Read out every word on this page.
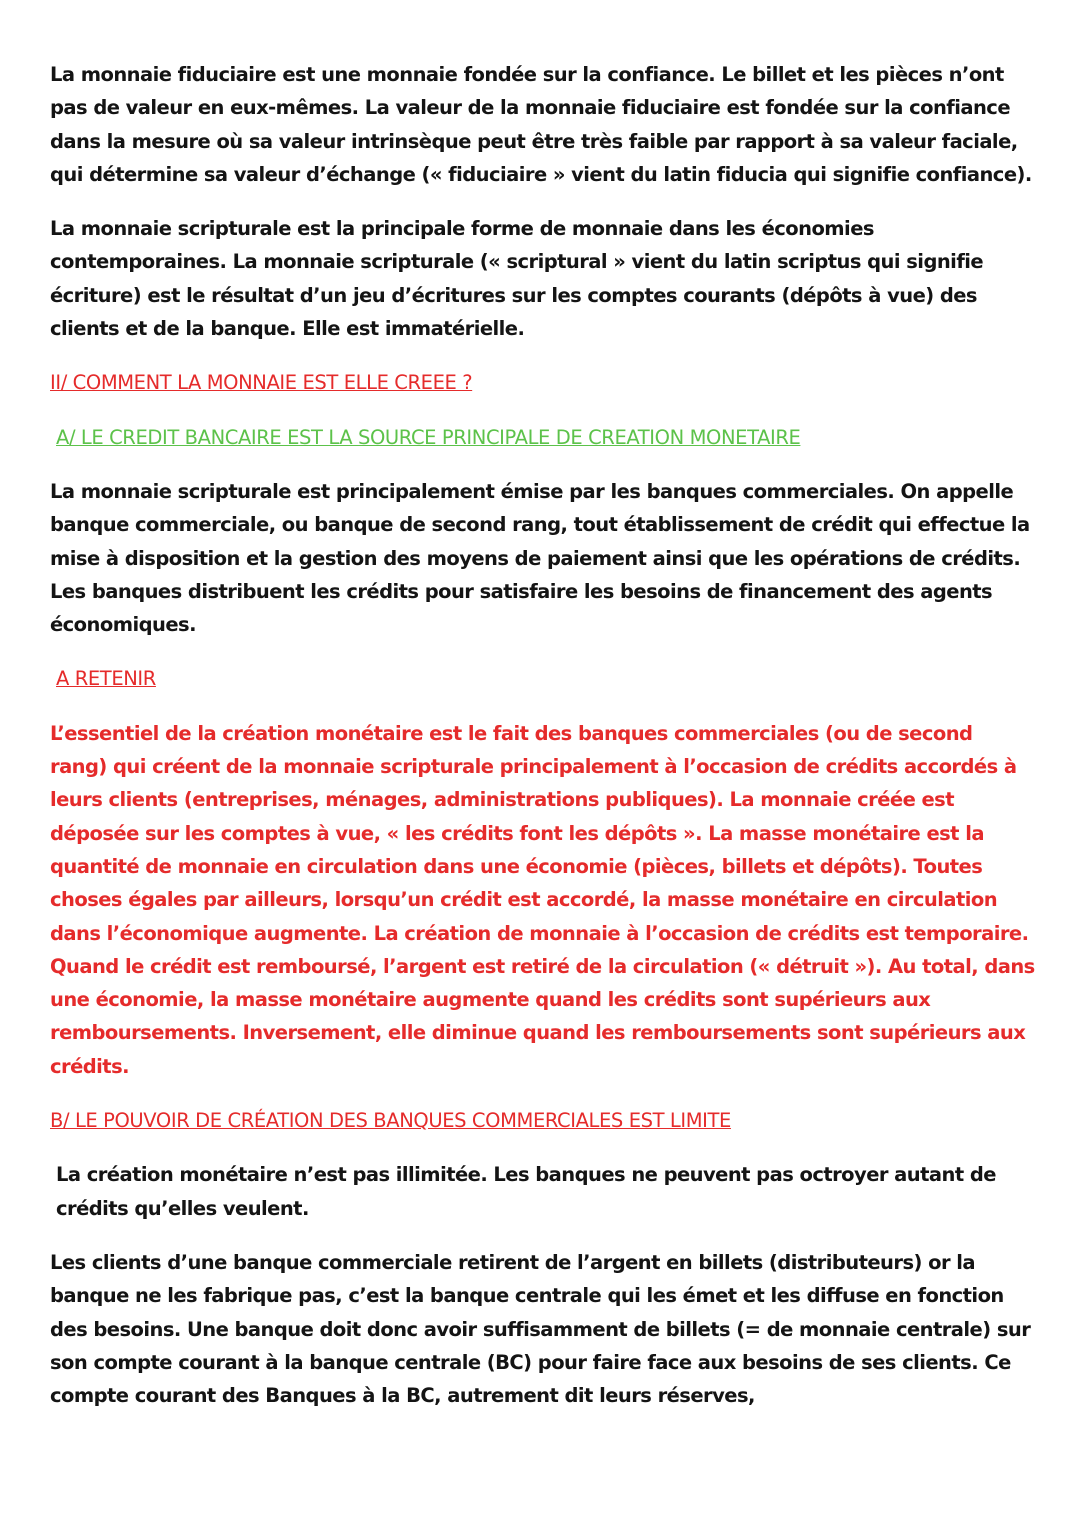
La monnaie fiduciaire est une monnaie fondée sur la confiance. Le billet et les pièces n’ont pas de valeur en eux-mêmes. La valeur de la monnaie fiduciaire est fondée sur la confiance dans la mesure où sa valeur intrinsèque peut être très faible par rapport à sa valeur faciale, qui détermine sa valeur d’échange (« fiduciaire » vient du latin fiducia qui signifie confiance).

La monnaie scripturale est la principale forme de monnaie dans les économies contemporaines. La monnaie scripturale (« scriptural » vient du latin scriptus qui signifie écriture) est le résultat d’un jeu d’écritures sur les comptes courants (dépôts à vue) des clients et de la banque. Elle est immatérielle.

II/ COMMENT LA MONNAIE EST ELLE CREEE ?
A/ LE CREDIT BANCAIRE EST LA SOURCE PRINCIPALE DE CREATION MONETAIRE

La monnaie scripturale est principalement émise par les banques commerciales. On appelle banque commerciale, ou banque de second rang, tout établissement de crédit qui effectue la mise à disposition et la gestion des moyens de paiement ainsi que les opérations de crédits. Les banques distribuent les crédits pour satisfaire les besoins de financement des agents économiques.

A RETENIR

L’essentiel de la création monétaire est le fait des banques commerciales (ou de second rang) qui créent de la monnaie scripturale principalement à l’occasion de crédits accordés à leurs clients (entreprises, ménages, administrations publiques). La monnaie créée est déposée sur les comptes à vue, « les crédits font les dépôts ». La masse monétaire est la quantité de monnaie en circulation dans une économie (pièces, billets et dépôts). Toutes choses égales par ailleurs, lorsqu’un crédit est accordé, la masse monétaire en circulation dans l’économique augmente. La création de monnaie à l’occasion de crédits est temporaire. Quand le crédit est remboursé, l’argent est retiré de la circulation (« détruit »). Au total, dans une économie, la masse monétaire augmente quand les crédits sont supérieurs aux remboursements. Inversement, elle diminue quand les remboursements sont supérieurs aux crédits.

B/ LE POUVOIR DE CRÉATION DES BANQUES COMMERCIALES EST LIMITE

La création monétaire n’est pas illimitée. Les banques ne peuvent pas octroyer autant de crédits qu’elles veulent.

Les clients d’une banque commerciale retirent de l’argent en billets (distributeurs) or la banque ne les fabrique pas, c’est la banque centrale qui les émet et les diffuse en fonction des besoins. Une banque doit donc avoir suffisamment de billets (= de monnaie centrale) sur son compte courant à la banque centrale (BC) pour faire face aux besoins de ses clients. Ce compte courant des Banques à la BC, autrement dit leurs réserves,
